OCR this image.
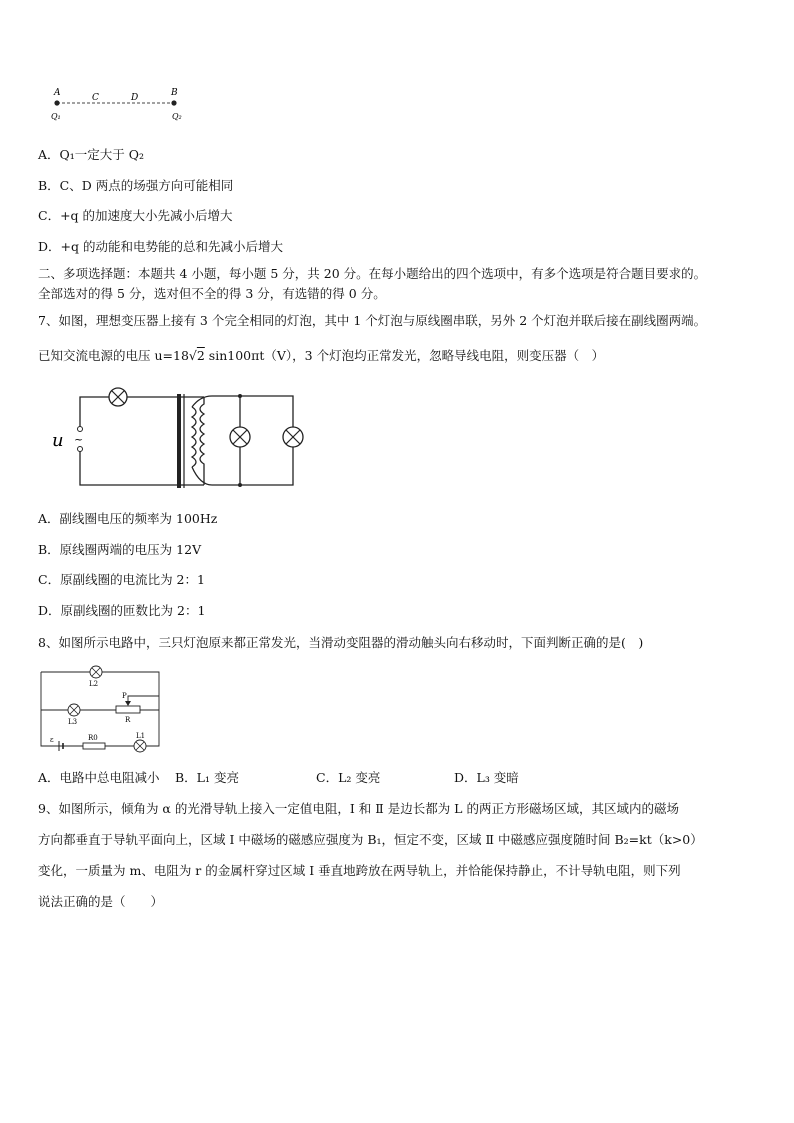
A	C	D	B
Q₁	Q₂
A．Q₁一定大于 Q₂
B．C、D 两点的场强方向可能相同
C．+q 的加速度大小先减小后增大
D．+q 的动能和电势能的总和先减小后增大
二、多项选择题：本题共 4 小题，每小题 5 分，共 20 分。在每小题给出的四个选项中，有多个选项是符合题目要求的。
全部选对的得 5 分，选对但不全的得 3 分，有选错的得 0 分。
7、如图，理想变压器上接有 3 个完全相同的灯泡，其中 1 个灯泡与原线圈串联，另外 2 个灯泡并联后接在副线圈两端。
已知交流电源的电压 u=18√2 sin100πt（V），3 个灯泡均正常发光，忽略导线电阻，则变压器（　）
u ~
A．副线圈电压的频率为 100Hz
B．原线圈两端的电压为 12V
C．原副线圈的电流比为 2：1
D．原副线圈的匝数比为 2：1
8、如图所示电路中，三只灯泡原来都正常发光，当滑动变阻器的滑动触头向右移动时，下面判断正确的是(　)
L2
L3
P
R
ε	R0	L1
A．电路中总电阻减小 B．L₁ 变亮	C．L₂ 变亮	D．L₃ 变暗
9、如图所示，倾角为 α 的光滑导轨上接入一定值电阻，Ⅰ 和 Ⅱ 是边长都为 L 的两正方形磁场区域，其区域内的磁场
方向都垂直于导轨平面向上，区域 Ⅰ 中磁场的磁感应强度为 B₁，恒定不变，区域 Ⅱ 中磁感应强度随时间 B₂=kt（k>0）
变化，一质量为 m、电阻为 r 的金属杆穿过区域 Ⅰ 垂直地跨放在两导轨上，并恰能保持静止，不计导轨电阻，则下列
说法正确的是（　　）
